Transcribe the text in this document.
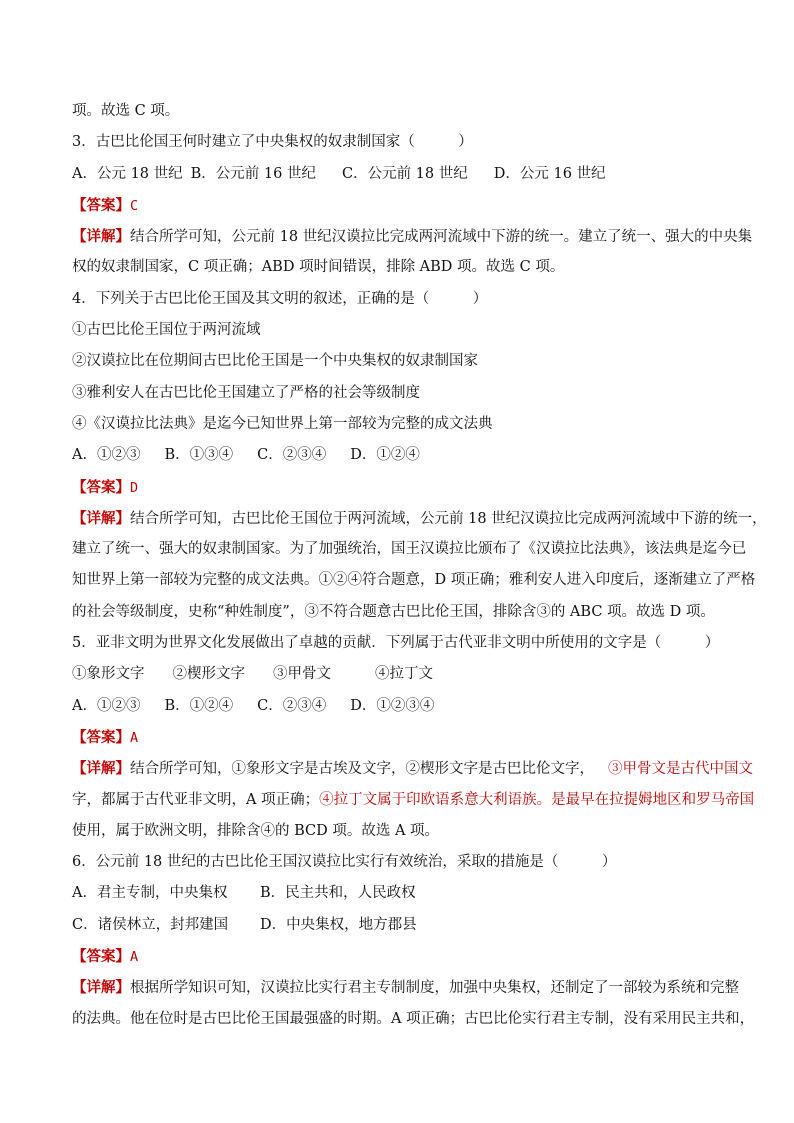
项。故选 C 项。
3．古巴比伦国王何时建立了中央集权的奴隶制国家（　　　）
A．公元 18 世纪 B．公元前 16 世纪 C．公元前 18 世纪 D．公元 16 世纪
【答案】C
【详解】结合所学可知，公元前 18 世纪汉谟拉比完成两河流域中下游的统一。建立了统一、强大的中央集
权的奴隶制国家，C 项正确；ABD 项时间错误，排除 ABD 项。故选 C 项。
4．下列关于古巴比伦王国及其文明的叙述，正确的是（　　　）
①古巴比伦王国位于两河流域
②汉谟拉比在位期间古巴比伦王国是一个中央集权的奴隶制国家
③雅利安人在古巴比伦王国建立了严格的社会等级制度
④《汉谟拉比法典》是迄今已知世界上第一部较为完整的成文法典
A．①②③ B．①③④ C．②③④ D．①②④
【答案】D
【详解】结合所学可知，古巴比伦王国位于两河流域，公元前 18 世纪汉谟拉比完成两河流域中下游的统一，
建立了统一、强大的奴隶制国家。为了加强统治，国王汉谟拉比颁布了《汉谟拉比法典》，该法典是迄今已
知世界上第一部较为完整的成文法典。①②④符合题意，D 项正确；雅利安人进入印度后，逐渐建立了严格
的社会等级制度，史称“种姓制度”，③不符合题意古巴比伦王国，排除含③的 ABC 项。故选 D 项。
5．亚非文明为世界文化发展做出了卓越的贡献．下列属于古代亚非文明中所使用的文字是（　　　）
①象形文字 ②楔形文字 ③甲骨文	④拉丁文
A．①②③ B．①②④ C．②③④ D．①②③④
【答案】A
【详解】结合所学可知，①象形文字是古埃及文字，②楔形文字是古巴比伦文字， ③甲骨文是古代中国文
字，都属于古代亚非文明，A 项正确；④拉丁文属于印欧语系意大利语族。是最早在拉提姆地区和罗马帝国
使用，属于欧洲文明，排除含④的 BCD 项。故选 A 项。
6．公元前 18 世纪的古巴比伦王国汉谟拉比实行有效统治，采取的措施是（　　　）
A．君主专制，中央集权 B．民主共和，人民政权
C．诸侯林立，封邦建国 D．中央集权，地方郡县
【答案】A
【详解】根据所学知识可知，汉谟拉比实行君主专制制度，加强中央集权，还制定了一部较为系统和完整
的法典。他在位时是古巴比伦王国最强盛的时期。A 项正确；古巴比伦实行君主专制，没有采用民主共和，
